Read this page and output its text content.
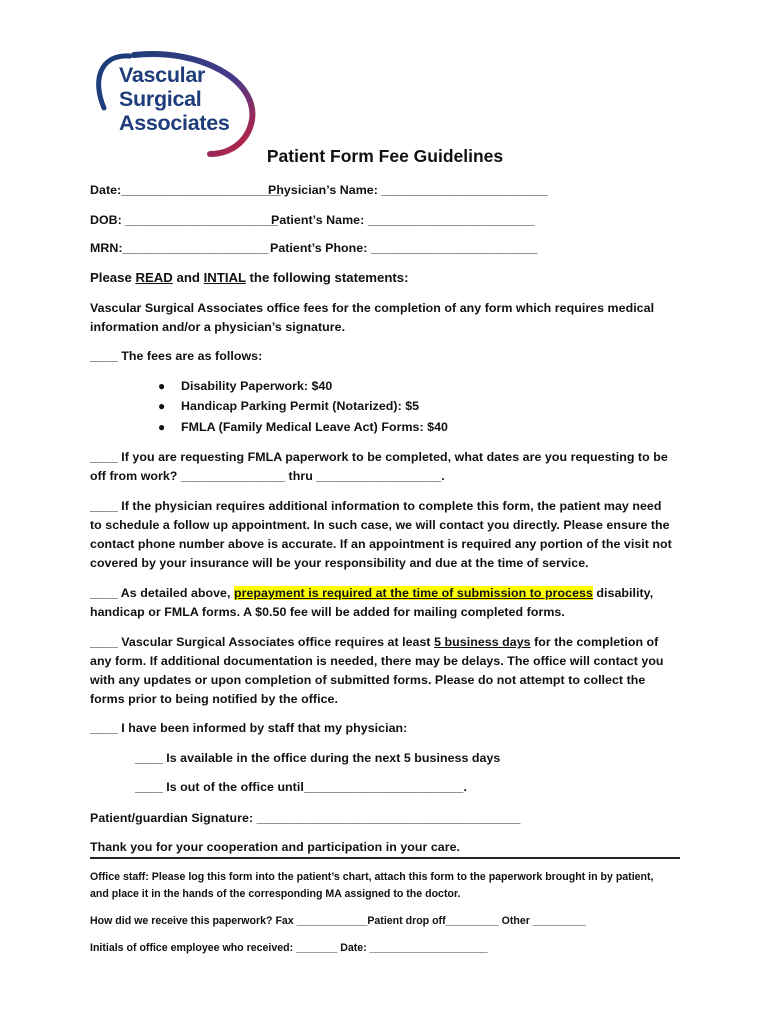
Vascular
Surgical
Associates
Patient Form Fee Guidelines
Date:_______________________
Physician’s Name: ________________________
DOB: ______________________
Patient’s Name: ________________________
MRN:_____________________ Patient’s Phone: ________________________
Please READ and INTIAL the following statements:
Vascular Surgical Associates office fees for the completion of any form which requires medical
information and/or a physician’s signature.
____ The fees are as follows:
● Disability Paperwork: $40
● Handicap Parking Permit (Notarized): $5
● FMLA (Family Medical Leave Act) Forms: $40
____ If you are requesting FMLA paperwork to be completed, what dates are you requesting to be
off from work? _______________ thru __________________.
____ If the physician requires additional information to complete this form, the patient may need
to schedule a follow up appointment. In such case, we will contact you directly. Please ensure the
contact phone number above is accurate. If an appointment is required any portion of the visit not
covered by your insurance will be your responsibility and due at the time of service.
____ As detailed above, prepayment is required at the time of submission to process disability,
handicap or FMLA forms. A $0.50 fee will be added for mailing completed forms.
____ Vascular Surgical Associates office requires at least 5 business days for the completion of
any form. If additional documentation is needed, there may be delays. The office will contact you
with any updates or upon completion of submitted forms. Please do not attempt to collect the
forms prior to being notified by the office.
____ I have been informed by staff that my physician:
____ Is available in the office during the next 5 business days
____ Is out of the office until_______________________.
Patient/guardian Signature: ______________________________________
Thank you for your cooperation and participation in your care.
Office staff: Please log this form into the patient’s chart, attach this form to the paperwork brought in by patient,
and place it in the hands of the corresponding MA assigned to the doctor.
How did we receive this paperwork? Fax ____________Patient drop off_________ Other _________
Initials of office employee who received: _______ Date: ____________________
